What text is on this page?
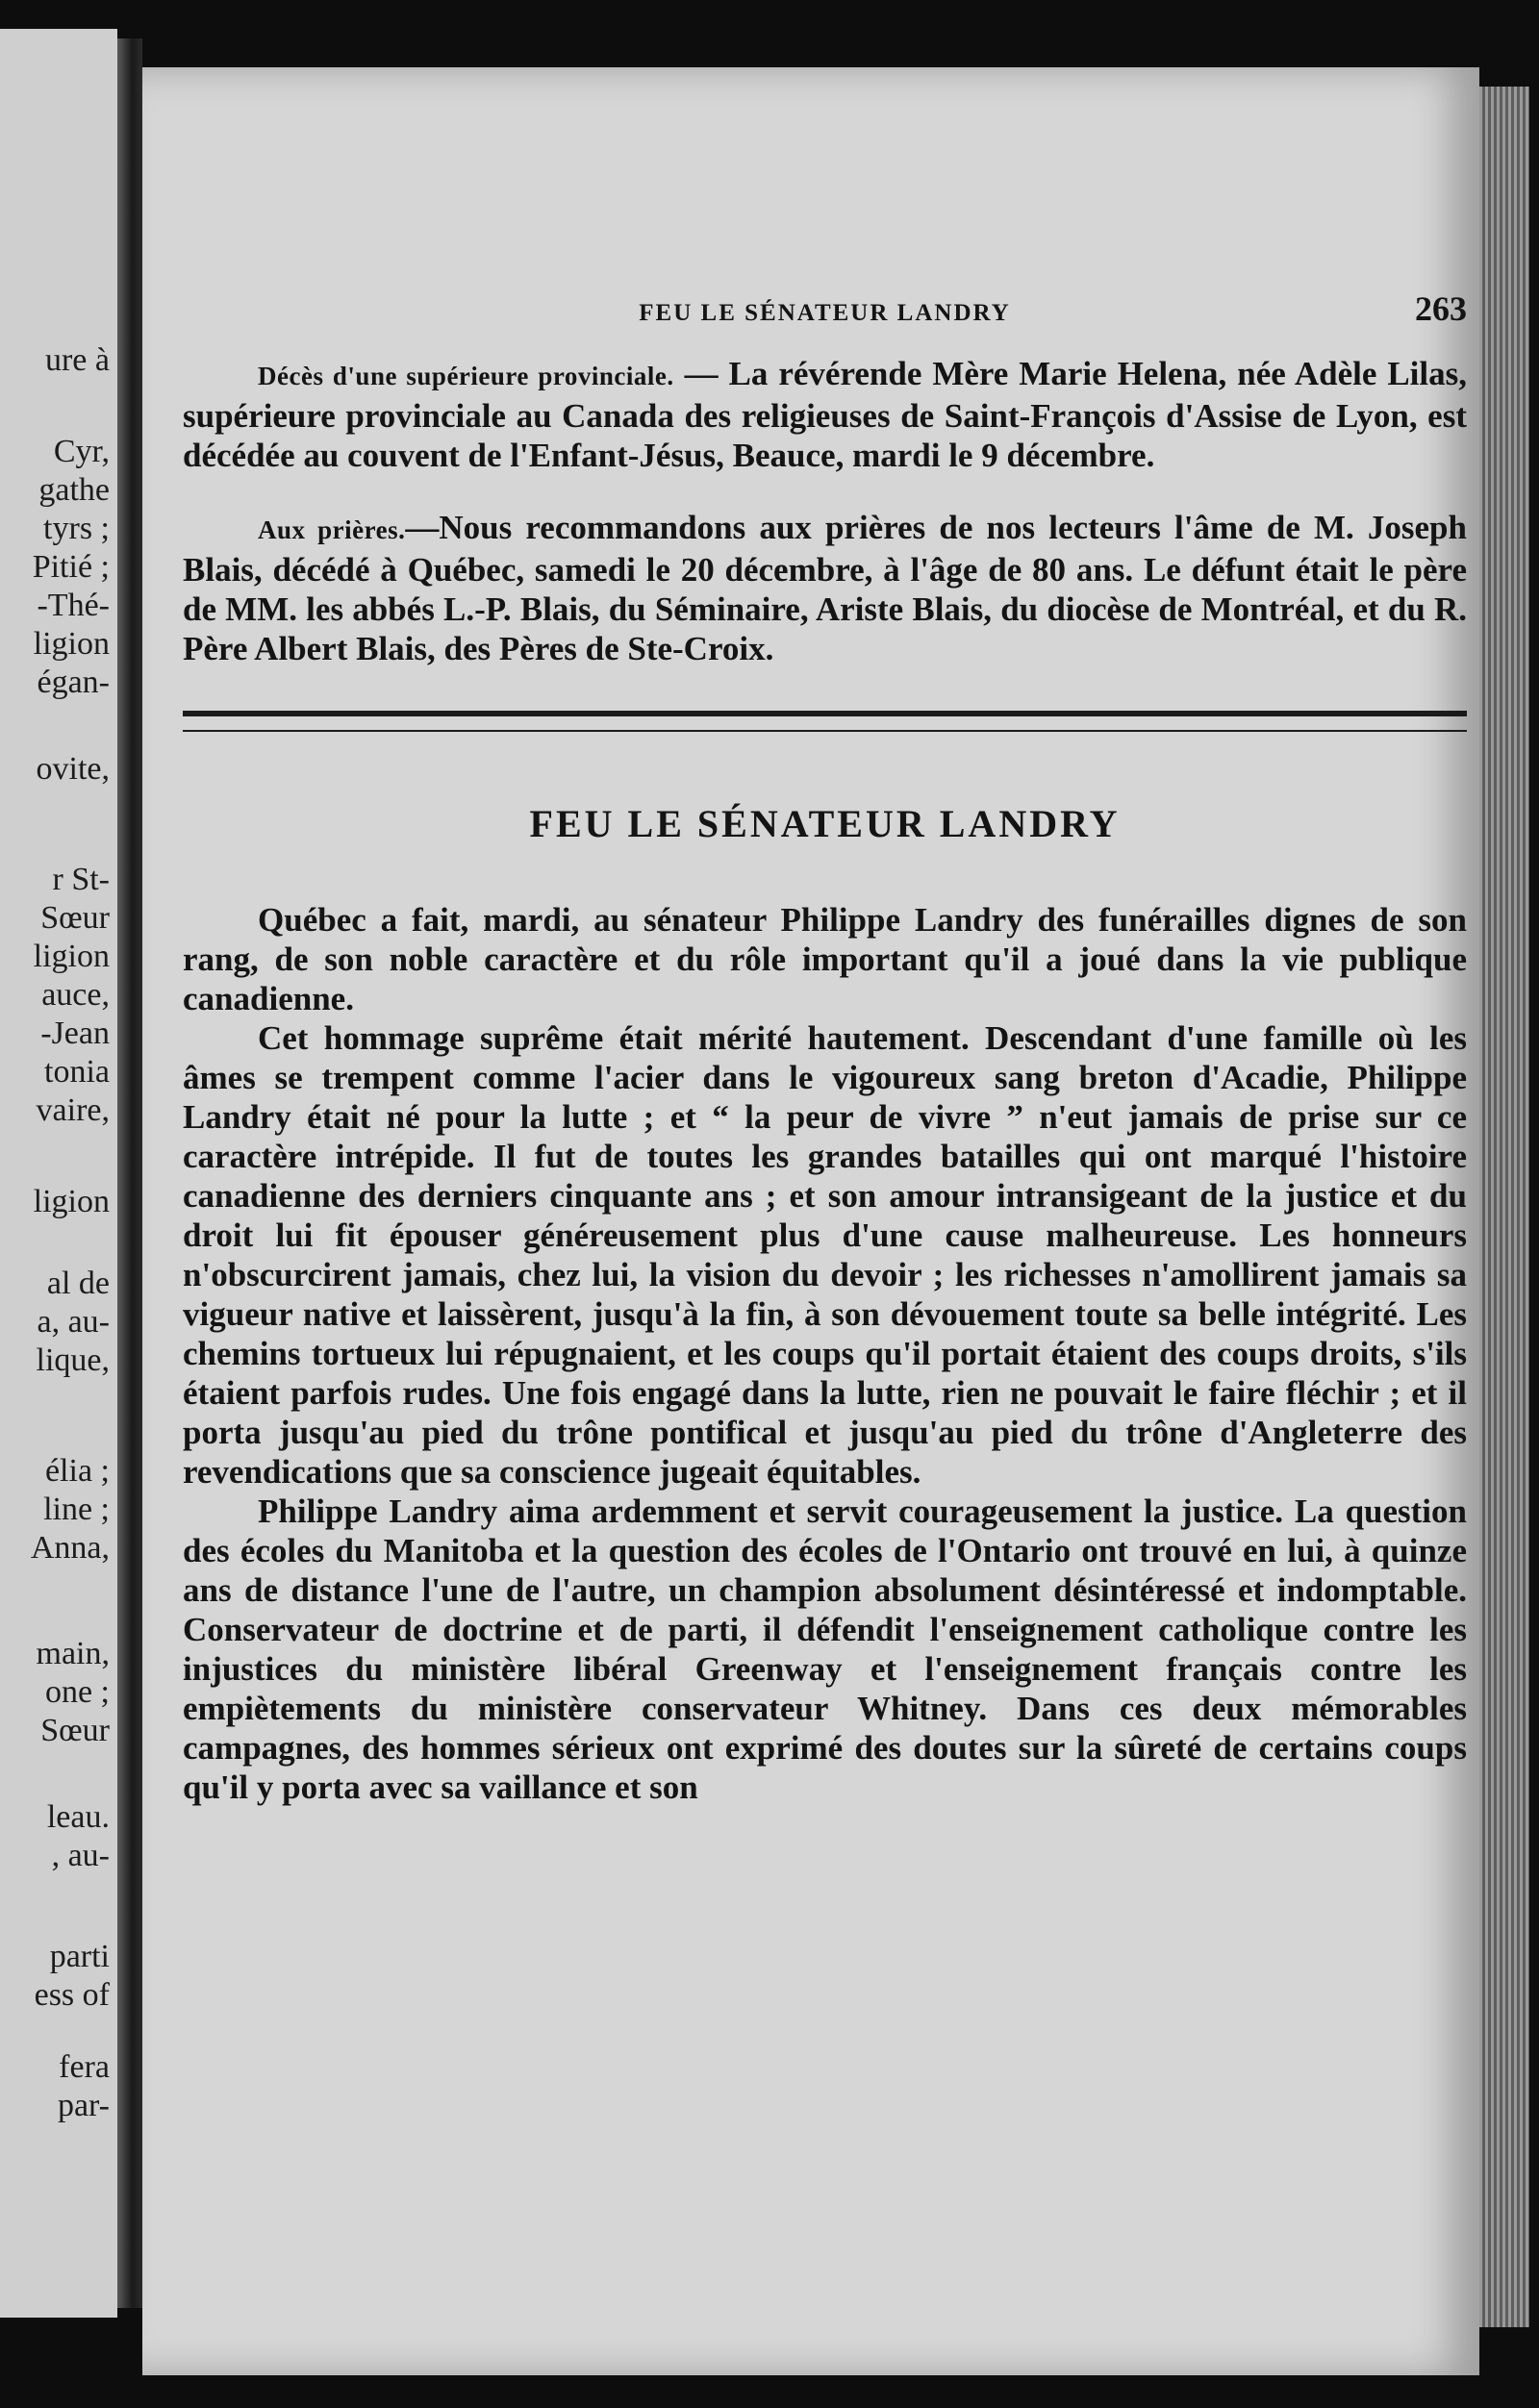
ure à
Cyr,
gathe
tyrs ;
Pitié ;
-Thé-
ligion
égan-
ovite,
r St-
Sœur
ligion
auce,
-Jean
tonia
vaire,
ligion
al de
a, au-
lique,
élia ;
line ;
Anna,
main,
one ;
Sœur
leau.
, au-
parti
ess of
fera
par-
FEU LE SÉNATEUR LANDRY	263

Décès d'une supérieure provinciale. — La révérende Mère Marie Helena, née Adèle Lilas, supérieure provinciale au Canada des religieuses de Saint-François d'Assise de Lyon, est décédée au couvent de l'Enfant-Jésus, Beauce, mardi le 9 décembre.

Aux prières.—Nous recommandons aux prières de nos lecteurs l'âme de M. Joseph Blais, décédé à Québec, samedi le 20 décembre, à l'âge de 80 ans. Le défunt était le père de MM. les abbés L.-P. Blais, du Séminaire, Ariste Blais, du diocèse de Montréal, et du R. Père Albert Blais, des Pères de Ste-Croix.

FEU LE SÉNATEUR LANDRY

Québec a fait, mardi, au sénateur Philippe Landry des funérailles dignes de son rang, de son noble caractère et du rôle important qu'il a joué dans la vie publique canadienne.

Cet hommage suprême était mérité hautement. Descendant d'une famille où les âmes se trempent comme l'acier dans le vigoureux sang breton d'Acadie, Philippe Landry était né pour la lutte ; et “ la peur de vivre ” n'eut jamais de prise sur ce caractère intrépide. Il fut de toutes les grandes batailles qui ont marqué l'histoire canadienne des derniers cinquante ans ; et son amour intransigeant de la justice et du droit lui fit épouser généreusement plus d'une cause malheureuse. Les honneurs n'obscurcirent jamais, chez lui, la vision du devoir ; les richesses n'amollirent jamais sa vigueur native et laissèrent, jusqu'à la fin, à son dévouement toute sa belle intégrité. Les chemins tortueux lui répugnaient, et les coups qu'il portait étaient des coups droits, s'ils étaient parfois rudes. Une fois engagé dans la lutte, rien ne pouvait le faire fléchir ; et il porta jusqu'au pied du trône pontifical et jusqu'au pied du trône d'Angleterre des revendications que sa conscience jugeait équitables.

Philippe Landry aima ardemment et servit courageusement la justice. La question des écoles du Manitoba et la question des écoles de l'Ontario ont trouvé en lui, à quinze ans de distance l'une de l'autre, un champion absolument désintéressé et indomptable. Conservateur de doctrine et de parti, il défendit l'enseignement catholique contre les injustices du ministère libéral Greenway et l'enseignement français contre les empiètements du ministère conservateur Whitney. Dans ces deux mémorables campagnes, des hommes sérieux ont exprimé des doutes sur la sûreté de certains coups qu'il y porta avec sa vaillance et son
